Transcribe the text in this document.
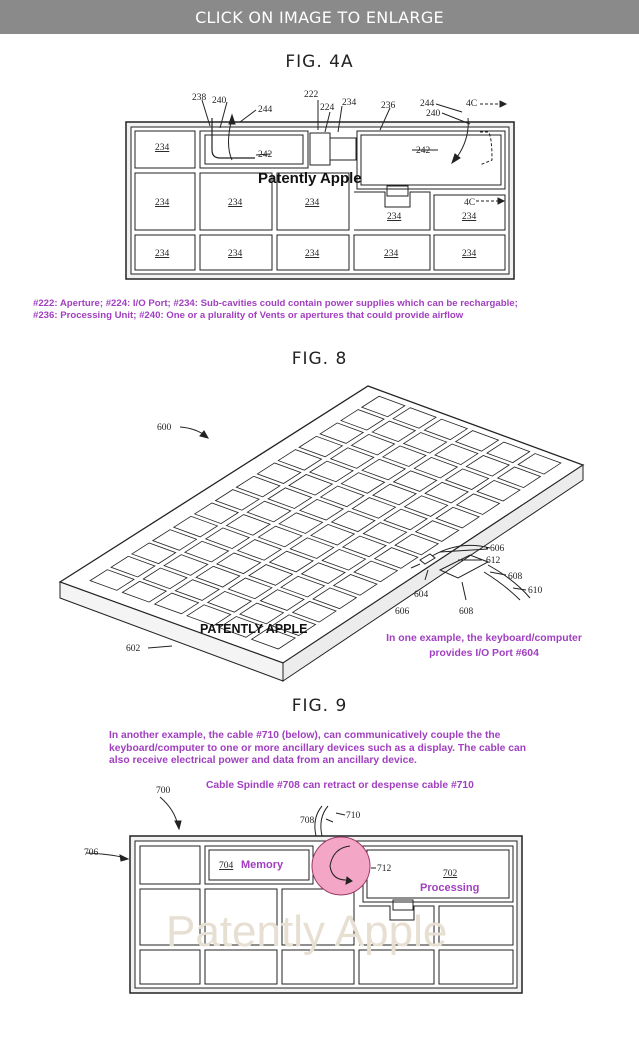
CLICK ON IMAGE TO ENLARGE
FIG. 4A
238 240
244
222
224 234	236	244
240
4C
242	242
4C
234
234	234	234
234	234
234	234	234	234	234
Patently Apple
600
602
606
612
608
610
606
604
608
PATENTLY APPLE
Patently Apple
700
706
708	710
712
704 Memory
702
Processing
#222: Aperture; #224: I/O Port; #234: Sub-cavities could contain power supplies which can be rechargable;
#236: Processing Unit; #240: One or a plurality of Vents or apertures that could provide airflow
FIG. 8
In one example, the keyboard/computer
provides I/O Port #604
FIG. 9
In another example, the cable #710 (below), can communicatively couple the the
keyboard/computer to one or more ancillary devices such as a display. The cable can
also receive electrical power and data from an ancillary device.
Cable Spindle #708 can retract or despense cable #710
